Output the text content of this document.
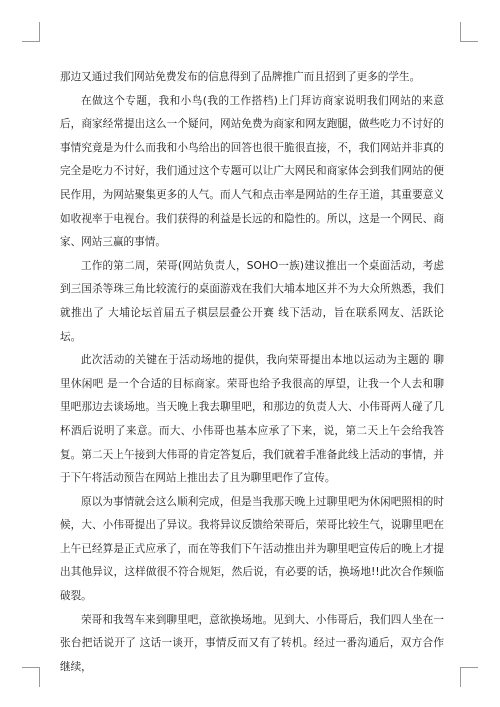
那边又通过我们网站免费发布的信息得到了品牌推广而且招到了更多的学生。

在做这个专题，我和小鸟(我的工作搭档)上门拜访商家说明我们网站的来意后，商家经常提出这么一个疑问，网站免费为商家和网友跑腿，做些吃力不讨好的事情究竟是为什么而我和小鸟给出的回答也很干脆很直接，不，我们网站并非真的完全是吃力不讨好，我们通过这个专题可以让广大网民和商家体会到我们网站的便民作用，为网站聚集更多的人气。而人气和点击率是网站的生存王道，其重要意义如收视率于电视台。我们获得的利益是长远的和隐性的。所以，这是一个网民、商家、网站三赢的事情。

工作的第二周，荣哥(网站负责人，SOHO一族)建议推出一个桌面活动，考虑到三国杀等珠三角比较流行的桌面游戏在我们大埔本地区并不为大众所熟悉，我们就推出了 大埔论坛首届五子棋层层叠公开赛 线下活动，旨在联系网友、活跃论坛。

此次活动的关键在于活动场地的提供，我向荣哥提出本地以运动为主题的 聊里休闲吧 是一个合适的目标商家。荣哥也给予我很高的厚望，让我一个人去和聊里吧那边去谈场地。当天晚上我去聊里吧，和那边的负责人大、小伟哥两人碰了几杯酒后说明了来意。而大、小伟哥也基本应承了下来，说，第二天上午会给我答复。第二天上午接到大伟哥的肯定答复后，我们就着手准备此线上活动的事情，并于下午将活动预告在网站上推出去了且为聊里吧作了宣传。

原以为事情就会这么顺利完成，但是当我那天晚上过聊里吧为休闲吧照相的时候，大、小伟哥提出了异议。我将异议反馈给荣哥后，荣哥比较生气，说聊里吧在上午已经算是正式应承了，而在等我们下午活动推出并为聊里吧宣传后的晚上才提出其他异议，这样做很不符合规矩，然后说，有必要的话，换场地!!此次合作频临破裂。

荣哥和我驾车来到聊里吧，意欲换场地。见到大、小伟哥后，我们四人坐在一张台把话说开了 这话一谈开，事情反而又有了转机。经过一番沟通后，双方合作继续，
